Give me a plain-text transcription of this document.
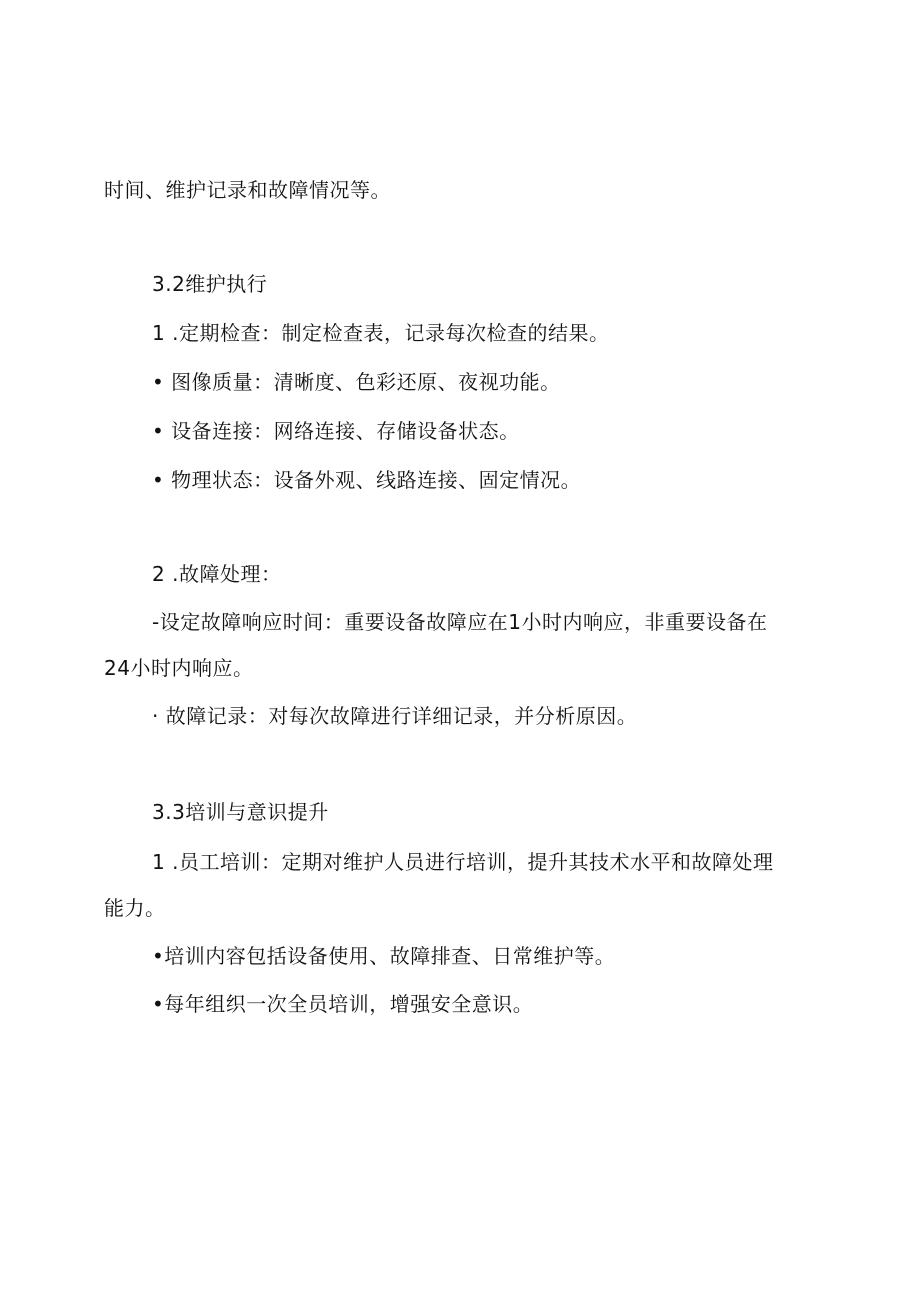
时间、维护记录和故障情况等。
3.2维护执行
1 .定期检查：制定检查表，记录每次检查的结果。
• 图像质量：清晰度、色彩还原、夜视功能。
• 设备连接：网络连接、存储设备状态。
• 物理状态：设备外观、线路连接、固定情况。
2 .故障处理：
-设定故障响应时间：重要设备故障应在1小时内响应，非重要设备在
24小时内响应。
· 故障记录：对每次故障进行详细记录，并分析原因。
3.3培训与意识提升
1 .员工培训：定期对维护人员进行培训，提升其技术水平和故障处理
能力。
•培训内容包括设备使用、故障排查、日常维护等。
•每年组织一次全员培训，增强安全意识。
